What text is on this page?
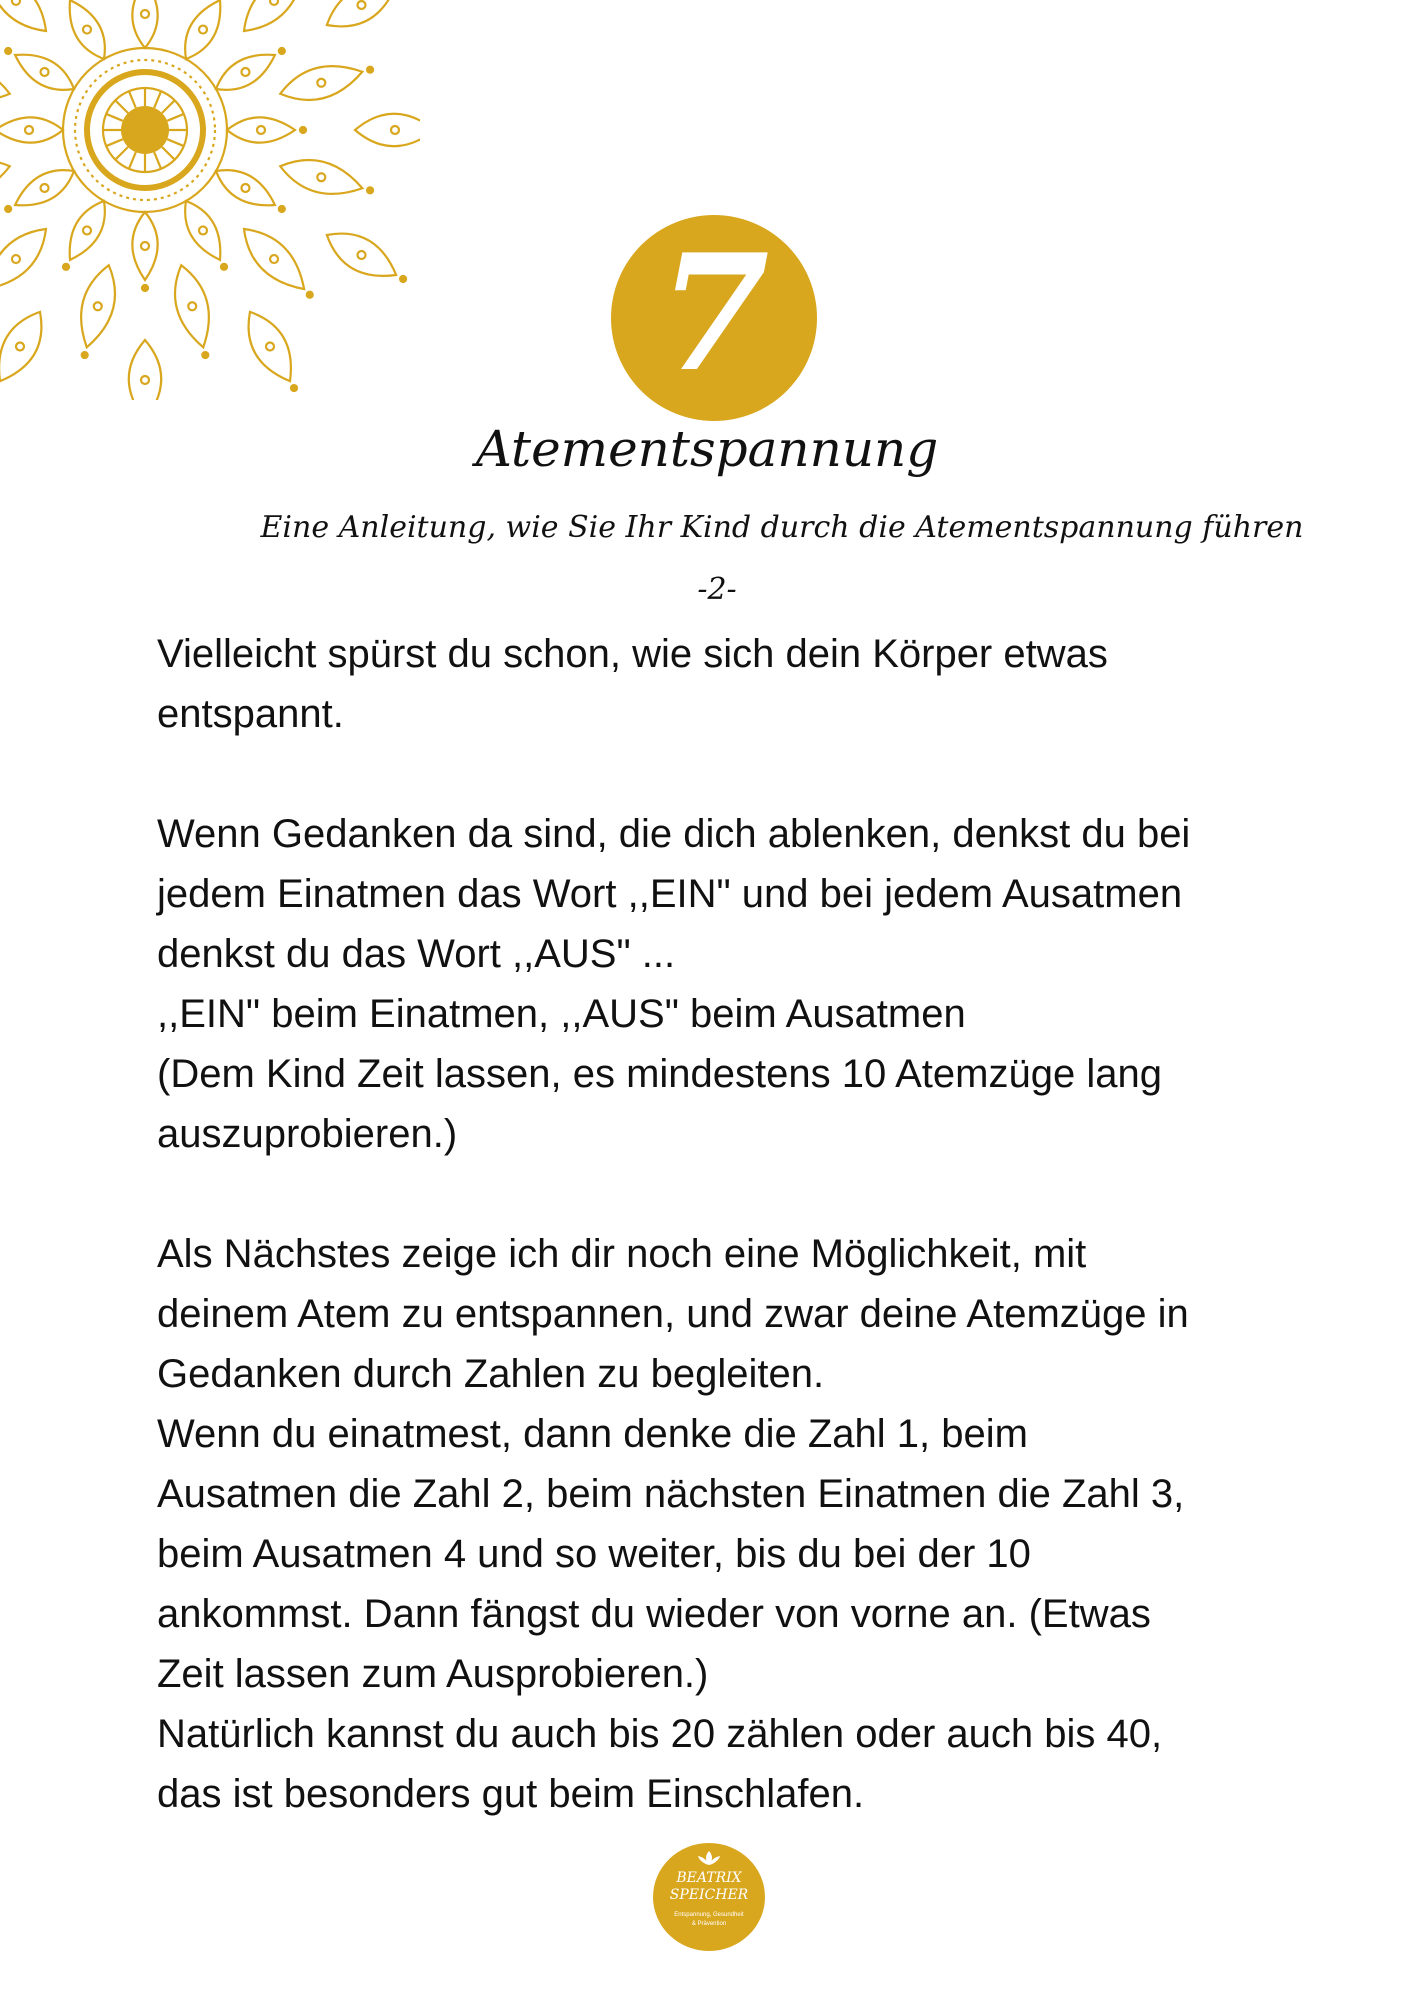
7
Atementspannung
Eine Anleitung, wie Sie Ihr Kind durch die Atementspannung führen
-2-
Vielleicht spürst du schon, wie sich dein Körper etwas
entspannt.
Wenn Gedanken da sind, die dich ablenken, denkst du bei
jedem Einatmen das Wort ,,EIN" und bei jedem Ausatmen
denkst du das Wort ,,AUS" ...
,,EIN" beim Einatmen, ,,AUS" beim Ausatmen
(Dem Kind Zeit lassen, es mindestens 10 Atemzüge lang
auszuprobieren.)
Als Nächstes zeige ich dir noch eine Möglichkeit, mit
deinem Atem zu entspannen, und zwar deine Atemzüge in
Gedanken durch Zahlen zu begleiten.
Wenn du einatmest, dann denke die Zahl 1, beim
Ausatmen die Zahl 2, beim nächsten Einatmen die Zahl 3,
beim Ausatmen 4 und so weiter, bis du bei der 10
ankommst. Dann fängst du wieder von vorne an. (Etwas
Zeit lassen zum Ausprobieren.)
Natürlich kannst du auch bis 20 zählen oder auch bis 40,
das ist besonders gut beim Einschlafen.
BEATRIX
SPEICHER
Entspannung, Gesundheit
& Prävention
